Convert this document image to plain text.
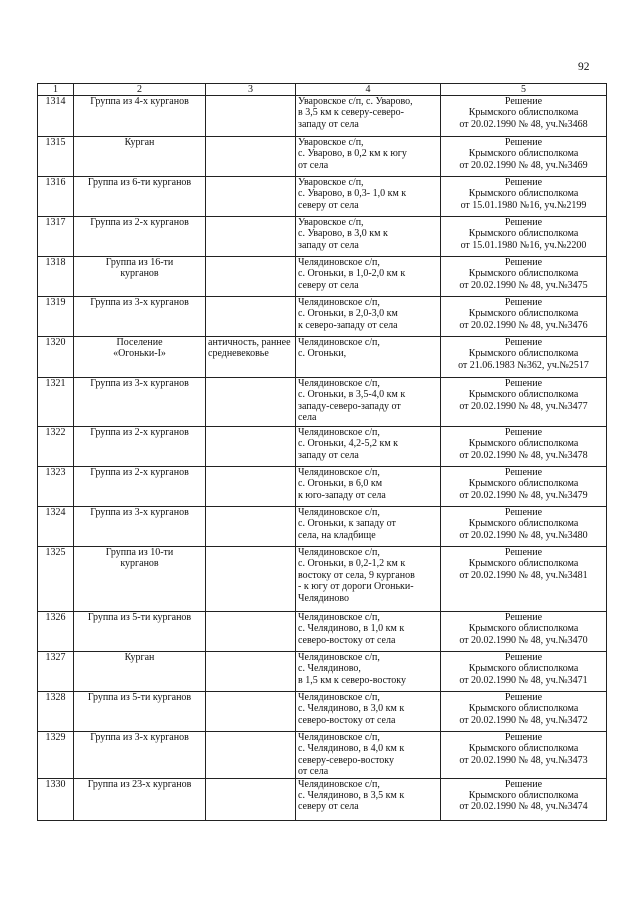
92
1	2	3	4	5
1314	Группа из 4-х курганов		Уваровское с/п, с. Уварово,
в 3,5 км к северу-северо-
западу от села	Решение
Крымского облисполкома
от 20.02.1990 № 48, уч.№3468

1315	Курган		Уваровское с/п,
с. Уварово, в 0,2 км к югу
от села	Решение
Крымского облисполкома
от 20.02.1990 № 48, уч.№3469

1316	Группа из 6-ти курганов		Уваровское с/п,
с. Уварово, в 0,3- 1,0 км к
северу от села	Решение
Крымского облисполкома
от 15.01.1980 №16, уч.№2199

1317	Группа из 2-х курганов		Уваровское с/п,
с. Уварово, в 3,0 км к
западу от села	Решение
Крымского облисполкома
от 15.01.1980 №16, уч.№2200

1318	Группа из 16-ти курганов		Челядиновское с/п,
с. Огоньки, в 1,0-2,0 км к
северу от села	Решение
Крымского облисполкома
от 20.02.1990 № 48, уч.№3475

1319	Группа из 3-х курганов		Челядиновское с/п,
с. Огоньки, в 2,0-3,0 км
к северо-западу от села	Решение
Крымского облисполкома
от 20.02.1990 № 48, уч.№3476

1320	Поселение «Огоньки-I»	античность, раннее средневековье	Челядиновское с/п,
с. Огоньки,	Решение
Крымского облисполкома
от 21.06.1983 №362, уч.№2517

1321	Группа из 3-х курганов		Челядиновское с/п,
с. Огоньки, в 3,5-4,0 км к
западу-северо-западу от
села	Решение
Крымского облисполкома
от 20.02.1990 № 48, уч.№3477

1322	Группа из 2-х курганов		Челядиновское с/п,
с. Огоньки, 4,2-5,2 км к
западу от села	Решение
Крымского облисполкома
от 20.02.1990 № 48, уч.№3478

1323	Группа из 2-х курганов		Челядиновское с/п,
с. Огоньки, в 6,0 км
к юго-западу от села	Решение
Крымского облисполкома
от 20.02.1990 № 48, уч.№3479

1324	Группа из 3-х курганов		Челядиновское с/п,
с. Огоньки, к западу от
села, на кладбище	Решение
Крымского облисполкома
от 20.02.1990 № 48, уч.№3480

1325	Группа из 10-ти курганов		Челядиновское с/п,
с. Огоньки, в 0,2-1,2 км к
востоку от села, 9 курганов
- к югу от дороги Огоньки-
Челядиново	Решение
Крымского облисполкома
от 20.02.1990 № 48, уч.№3481

1326	Группа из 5-ти курганов		Челядиновское с/п,
с. Челядиново, в 1,0 км к
северо-востоку от села	Решение
Крымского облисполкома
от 20.02.1990 № 48, уч.№3470

1327	Курган		Челядиновское с/п,
с. Челядиново,
в 1,5 км к северо-востоку	Решение
Крымского облисполкома
от 20.02.1990 № 48, уч.№3471

1328	Группа из 5-ти курганов		Челядиновское с/п,
с. Челядиново, в 3,0 км к
северо-востоку от села	Решение
Крымского облисполкома
от 20.02.1990 № 48, уч.№3472

1329	Группа из 3-х курганов		Челядиновское с/п,
с. Челядиново, в 4,0 км к
северу-северо-востоку
от села	Решение
Крымского облисполкома
от 20.02.1990 № 48, уч.№3473

1330	Группа из 23-х курганов		Челядиновское с/п,
с. Челядиново, в 3,5 км к
северу от села	Решение
Крымского облисполкома
от 20.02.1990 № 48, уч.№3474
